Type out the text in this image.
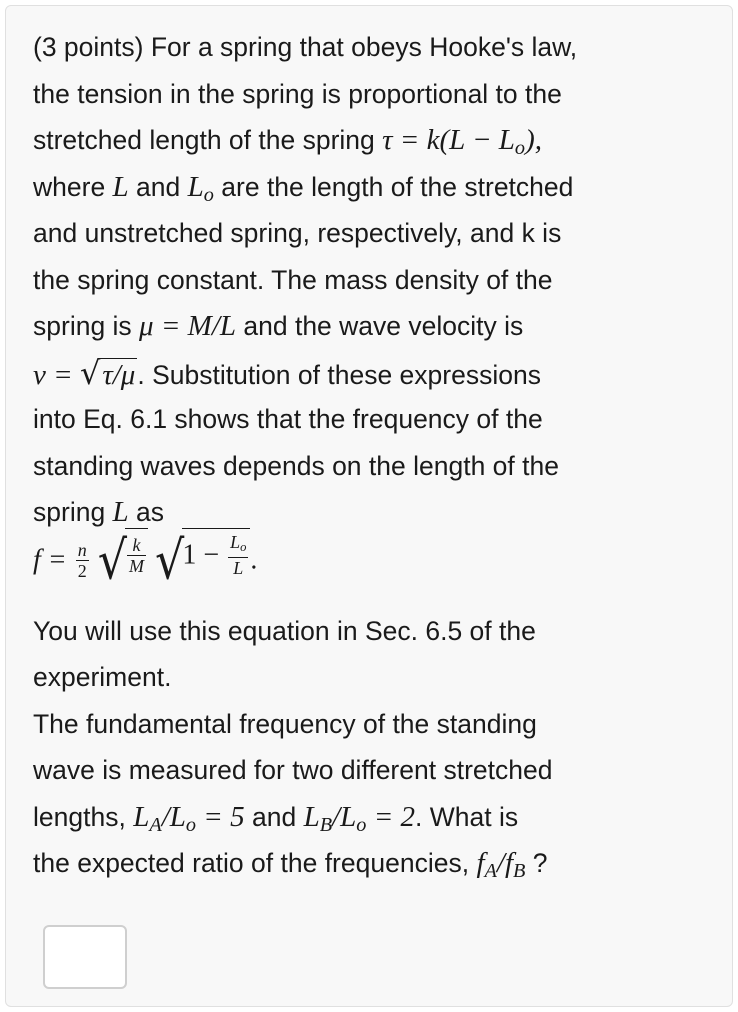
(3 points) For a spring that obeys Hooke's law,
the tension in the spring is proportional to the
stretched length of the spring $\tau = k(L - L_o)$,
where L and $L_o$ are the length of the stretched
and unstretched spring, respectively, and k is
the spring constant. The mass density of the
spring is μ = M/L and the wave velocity is
v = √τ/μ. Substitution of these expressions
into Eq. 6.1 shows that the frequency of the
standing waves depends on the length of the
spring L as
$f = \frac{n}{2}$ √ $\frac{k}{M} √1 - \frac{L_o}{L}$ .
You will use this equation in Sec. 6.5 of the
experiment.
The fundamental frequency of the standing
wave is measured for two different stretched
lengths, $L_A/L_o = 5$ and $L_B/L_o = 2$. What is
the expected ratio of the frequencies, $f_A/f_B$ ?
